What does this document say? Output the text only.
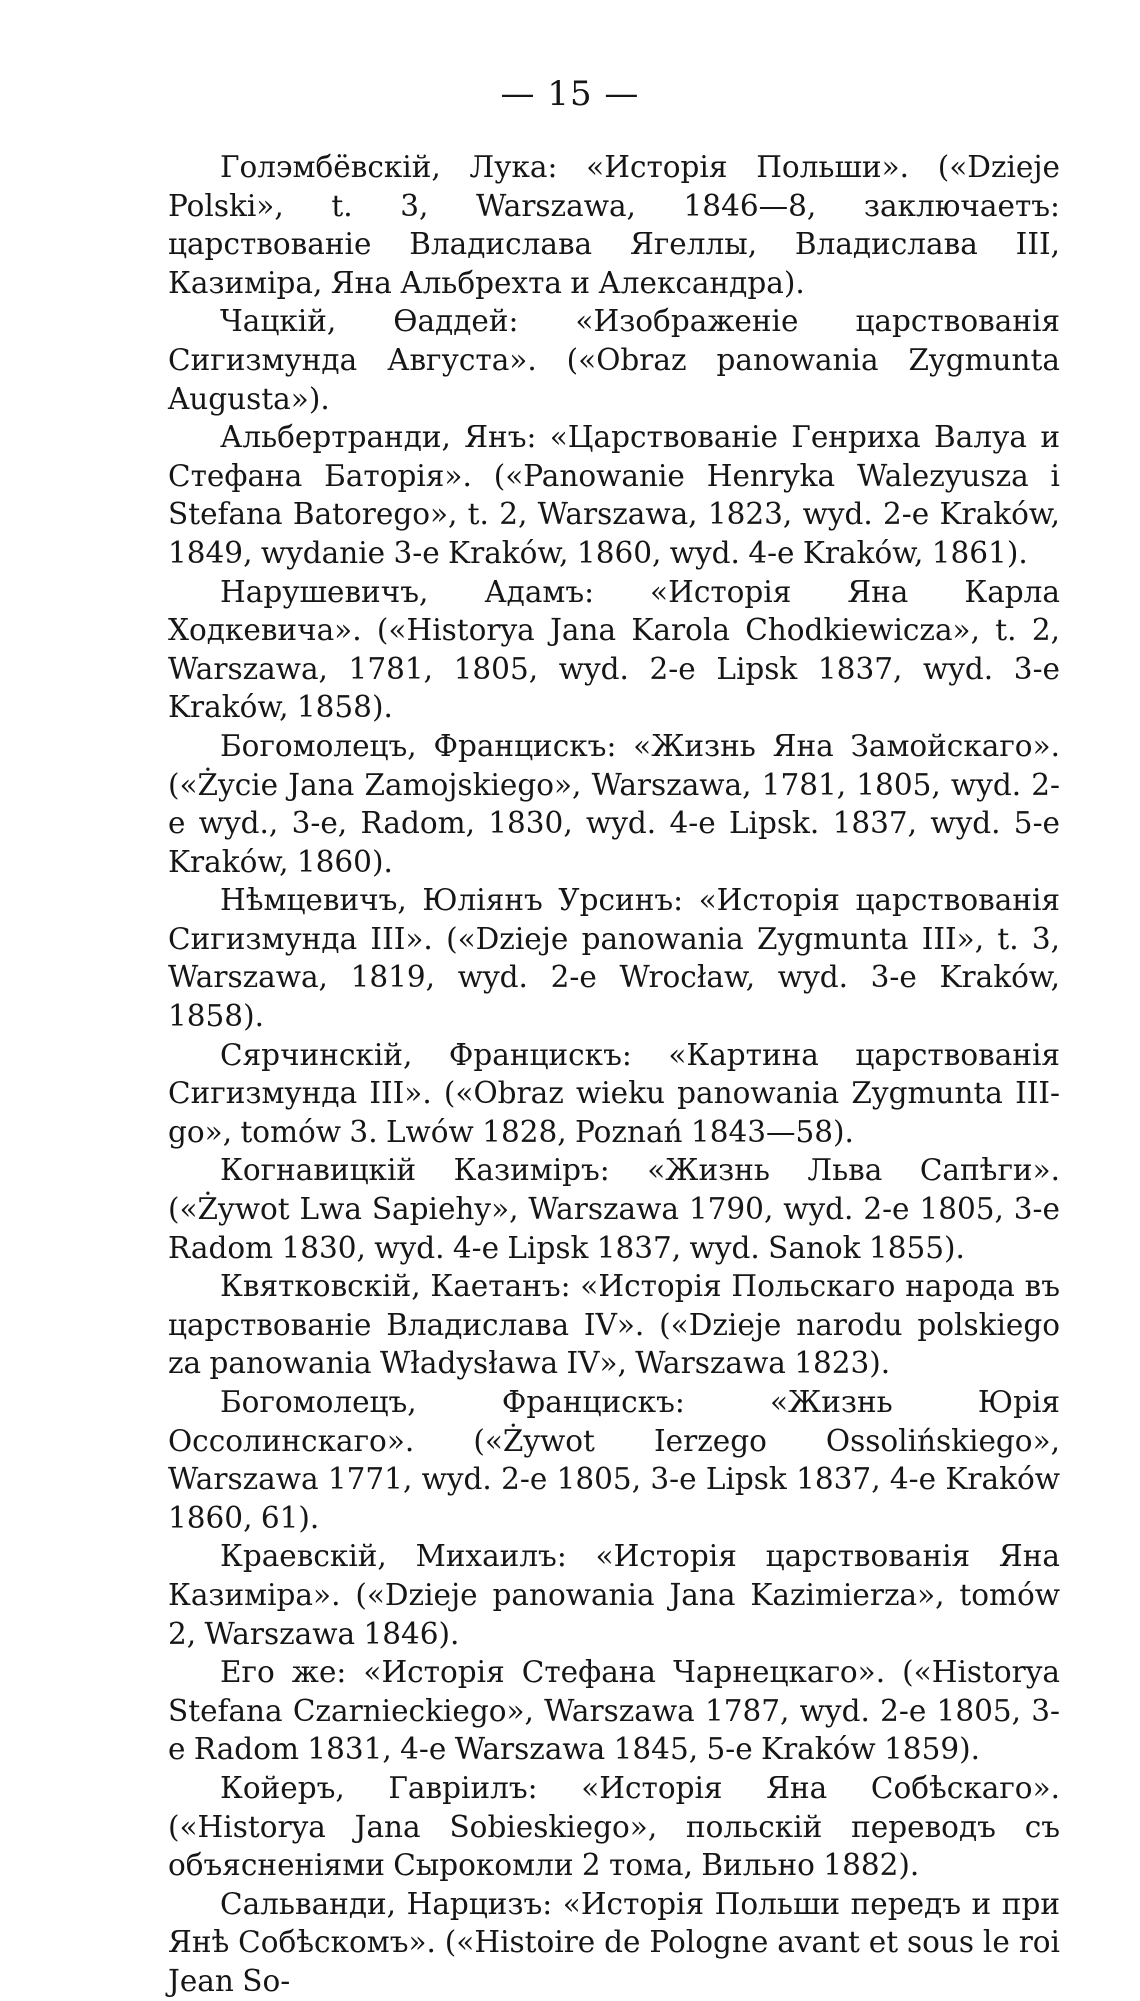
— 15 —

Голэмбёвскій, Лука: «Исторія Польши». («Dzieje Polski», t. 3, Warszawa, 1846—8, заключаетъ: царствованіе Владислава Ягеллы, Владислава III, Казиміра, Яна Альбрехта и Александра).

Чацкій, Ѳаддей: «Изображеніе царствованія Сигизмунда Августа». («Obraz panowania Zygmunta Augusta»).

Альбертранди, Янъ: «Царствованіе Генриха Валуа и Стефана Баторія». («Panowanie Henryka Walezyusza i Stefana Batorego», t. 2, Warszawa, 1823, wyd. 2-e Kraków, 1849, wydanie 3-e Kraków, 1860, wyd. 4-e Kraków, 1861).

Нарушевичъ, Адамъ: «Исторія Яна Карла Ходкевича». («Historya Jana Karola Chodkiewicza», t. 2, Warszawa, 1781, 1805, wyd. 2-e Lipsk 1837, wyd. 3-e Kraków, 1858).

Богомолецъ, Францискъ: «Жизнь Яна Замойскаго». («Życie Jana Zamojskiego», Warszawa, 1781, 1805, wyd. 2-e wyd., 3-e, Radom, 1830, wyd. 4-e Lipsk. 1837, wyd. 5-e Kraków, 1860).

Нѣмцевичъ, Юліянъ Урсинъ: «Исторія царствованія Сигизмунда III». («Dzieje panowania Zygmunta III», t. 3, Warszawa, 1819, wyd. 2-e Wrocław, wyd. 3-e Kraków, 1858).

Сярчинскій, Францискъ: «Картина царствованія Сигизмунда III». («Obraz wieku panowania Zygmunta III-go», tomów 3. Lwów 1828, Poznań 1843—58).

Когнавицкій Казиміръ: «Жизнь Льва Сапѣги». («Żywot Lwa Sapiehy», Warszawa 1790, wyd. 2-e 1805, 3-e Radom 1830, wyd. 4-e Lipsk 1837, wyd. Sanok 1855).

Квятковскій, Каетанъ: «Исторія Польскаго народа въ царствованіе Владислава IV». («Dzieje narodu polskiego za panowania Władysława IV», Warszawa 1823).

Богомолецъ, Францискъ: «Жизнь Юрія Оссолинскаго». («Żywot Ierzego Ossolińskiego», Warszawa 1771, wyd. 2-e 1805, 3-e Lipsk 1837, 4-e Kraków 1860, 61).

Краевскій, Михаилъ: «Исторія царствованія Яна Казиміра». («Dzieje panowania Jana Kazimierza», tomów 2, Warszawa 1846).

Его же: «Исторія Стефана Чарнецкаго». («Historya Stefana Czarnieckiego», Warszawa 1787, wyd. 2-e 1805, 3-e Radom 1831, 4-e Warszawa 1845, 5-e Kraków 1859).

Койеръ, Гавріилъ: «Исторія Яна Собѣскаго». («Historya Jana Sobieskiego», польскій переводъ съ объясненіями Сырокомли 2 тома, Вильно 1882).

Сальванди, Нарцизъ: «Исторія Польши передъ и при Янѣ Собѣскомъ». («Histoire de Pologne avant et sous le roi Jean So-
